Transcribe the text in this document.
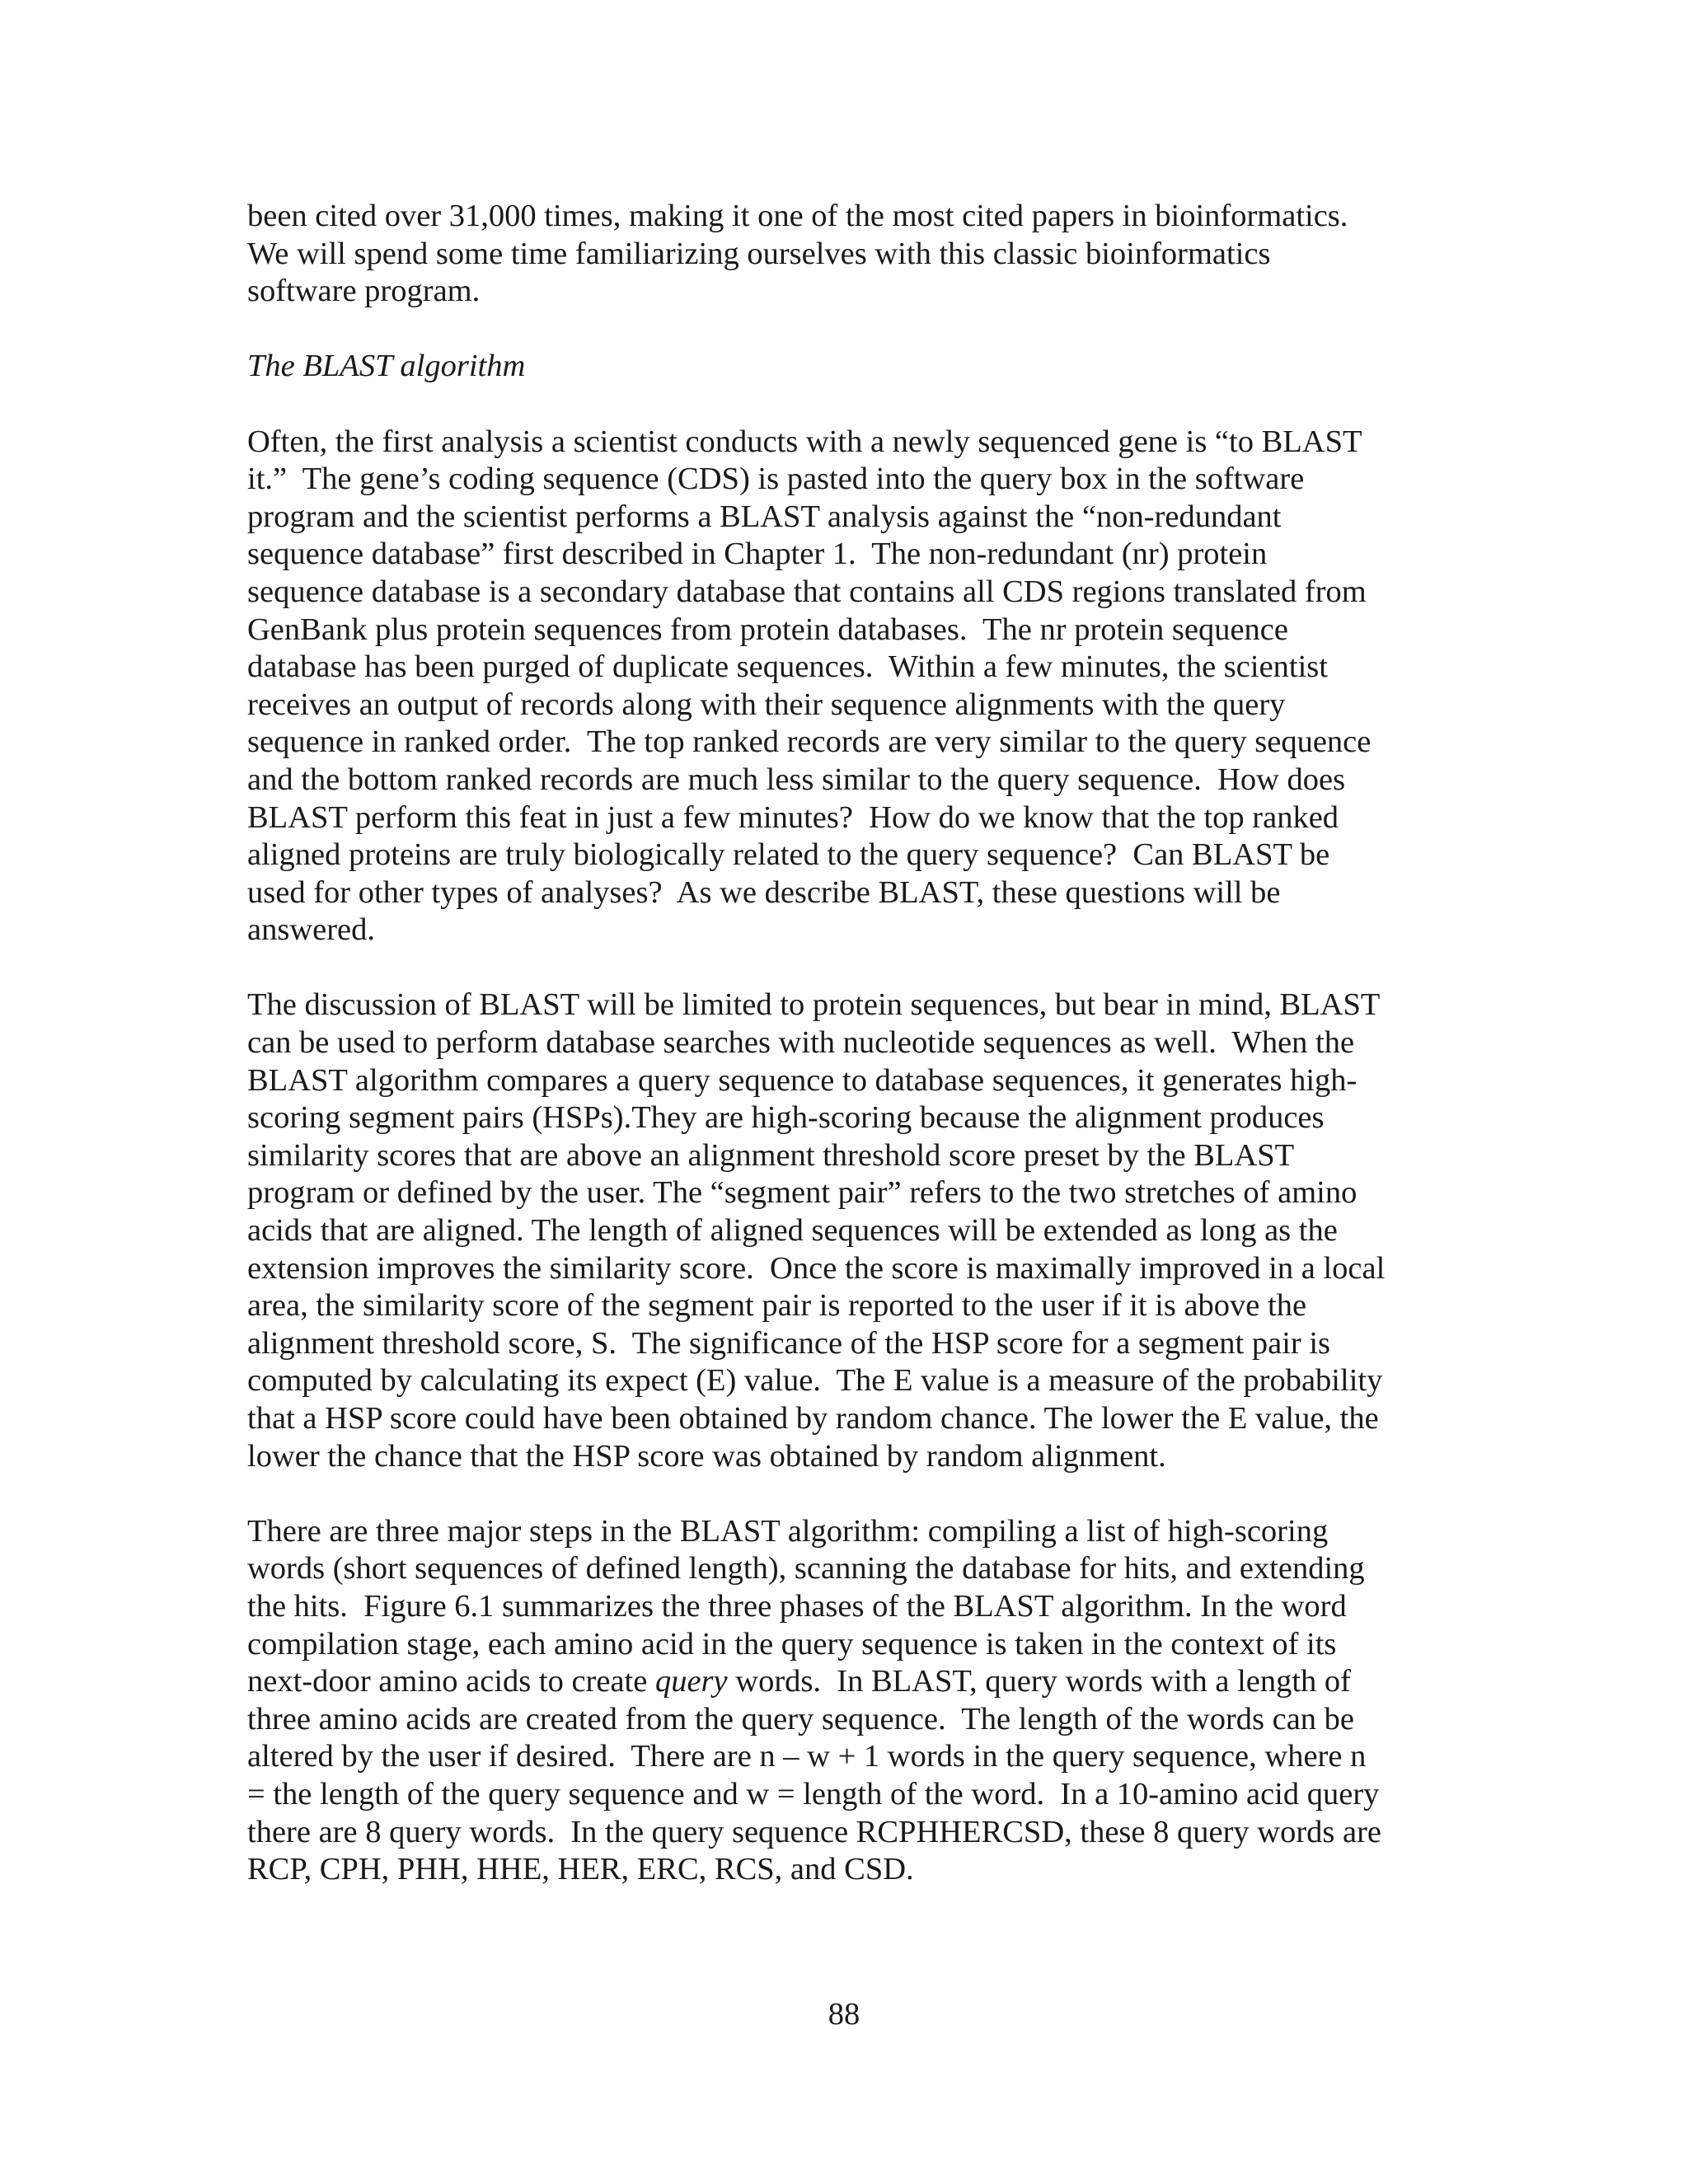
been cited over 31,000 times, making it one of the most cited papers in bioinformatics.
We will spend some time familiarizing ourselves with this classic bioinformatics
software program.
The BLAST algorithm
Often, the first analysis a scientist conducts with a newly sequenced gene is “to BLAST
it.”  The gene’s coding sequence (CDS) is pasted into the query box in the software
program and the scientist performs a BLAST analysis against the “non-redundant
sequence database” first described in Chapter 1.  The non-redundant (nr) protein
sequence database is a secondary database that contains all CDS regions translated from
GenBank plus protein sequences from protein databases.  The nr protein sequence
database has been purged of duplicate sequences.  Within a few minutes, the scientist
receives an output of records along with their sequence alignments with the query
sequence in ranked order.  The top ranked records are very similar to the query sequence
and the bottom ranked records are much less similar to the query sequence.  How does
BLAST perform this feat in just a few minutes?  How do we know that the top ranked
aligned proteins are truly biologically related to the query sequence?  Can BLAST be
used for other types of analyses?  As we describe BLAST, these questions will be
answered.
The discussion of BLAST will be limited to protein sequences, but bear in mind, BLAST
can be used to perform database searches with nucleotide sequences as well.  When the
BLAST algorithm compares a query sequence to database sequences, it generates high-
scoring segment pairs (HSPs).They are high-scoring because the alignment produces
similarity scores that are above an alignment threshold score preset by the BLAST
program or defined by the user. The “segment pair” refers to the two stretches of amino
acids that are aligned. The length of aligned sequences will be extended as long as the
extension improves the similarity score.  Once the score is maximally improved in a local
area, the similarity score of the segment pair is reported to the user if it is above the
alignment threshold score, S.  The significance of the HSP score for a segment pair is
computed by calculating its expect (E) value.  The E value is a measure of the probability
that a HSP score could have been obtained by random chance. The lower the E value, the
lower the chance that the HSP score was obtained by random alignment.
There are three major steps in the BLAST algorithm: compiling a list of high-scoring
words (short sequences of defined length), scanning the database for hits, and extending
the hits.  Figure 6.1 summarizes the three phases of the BLAST algorithm. In the word
compilation stage, each amino acid in the query sequence is taken in the context of its
next-door amino acids to create query words.  In BLAST, query words with a length of
three amino acids are created from the query sequence.  The length of the words can be
altered by the user if desired.  There are n – w + 1 words in the query sequence, where n
= the length of the query sequence and w = length of the word.  In a 10-amino acid query
there are 8 query words.  In the query sequence RCPHHERCSD, these 8 query words are
RCP, CPH, PHH, HHE, HER, ERC, RCS, and CSD.
88
